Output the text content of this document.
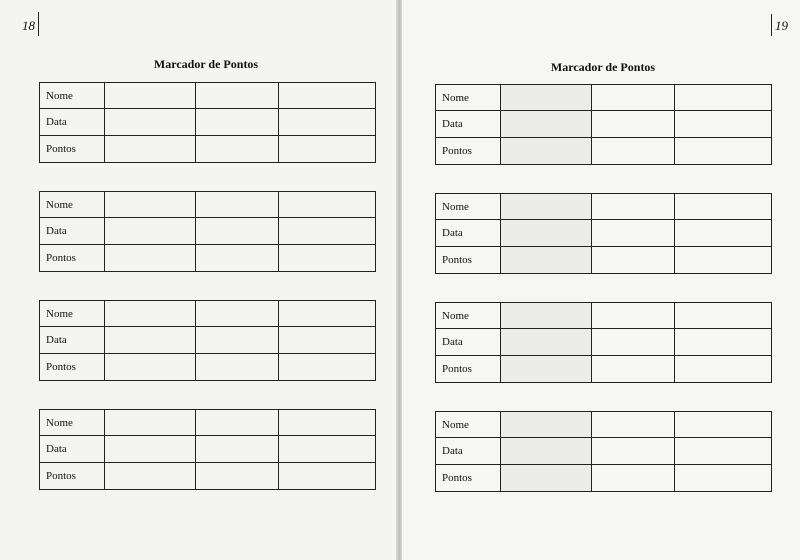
18
Marcador de Pontos
Nome			
Data			
Pontos			
Nome			
Data			
Pontos			
Nome			
Data			
Pontos			
Nome			
Data			
Pontos			
19
Marcador de Pontos
Nome			
Data			
Pontos			
Nome			
Data			
Pontos			
Nome			
Data			
Pontos			
Nome			
Data			
Pontos			
